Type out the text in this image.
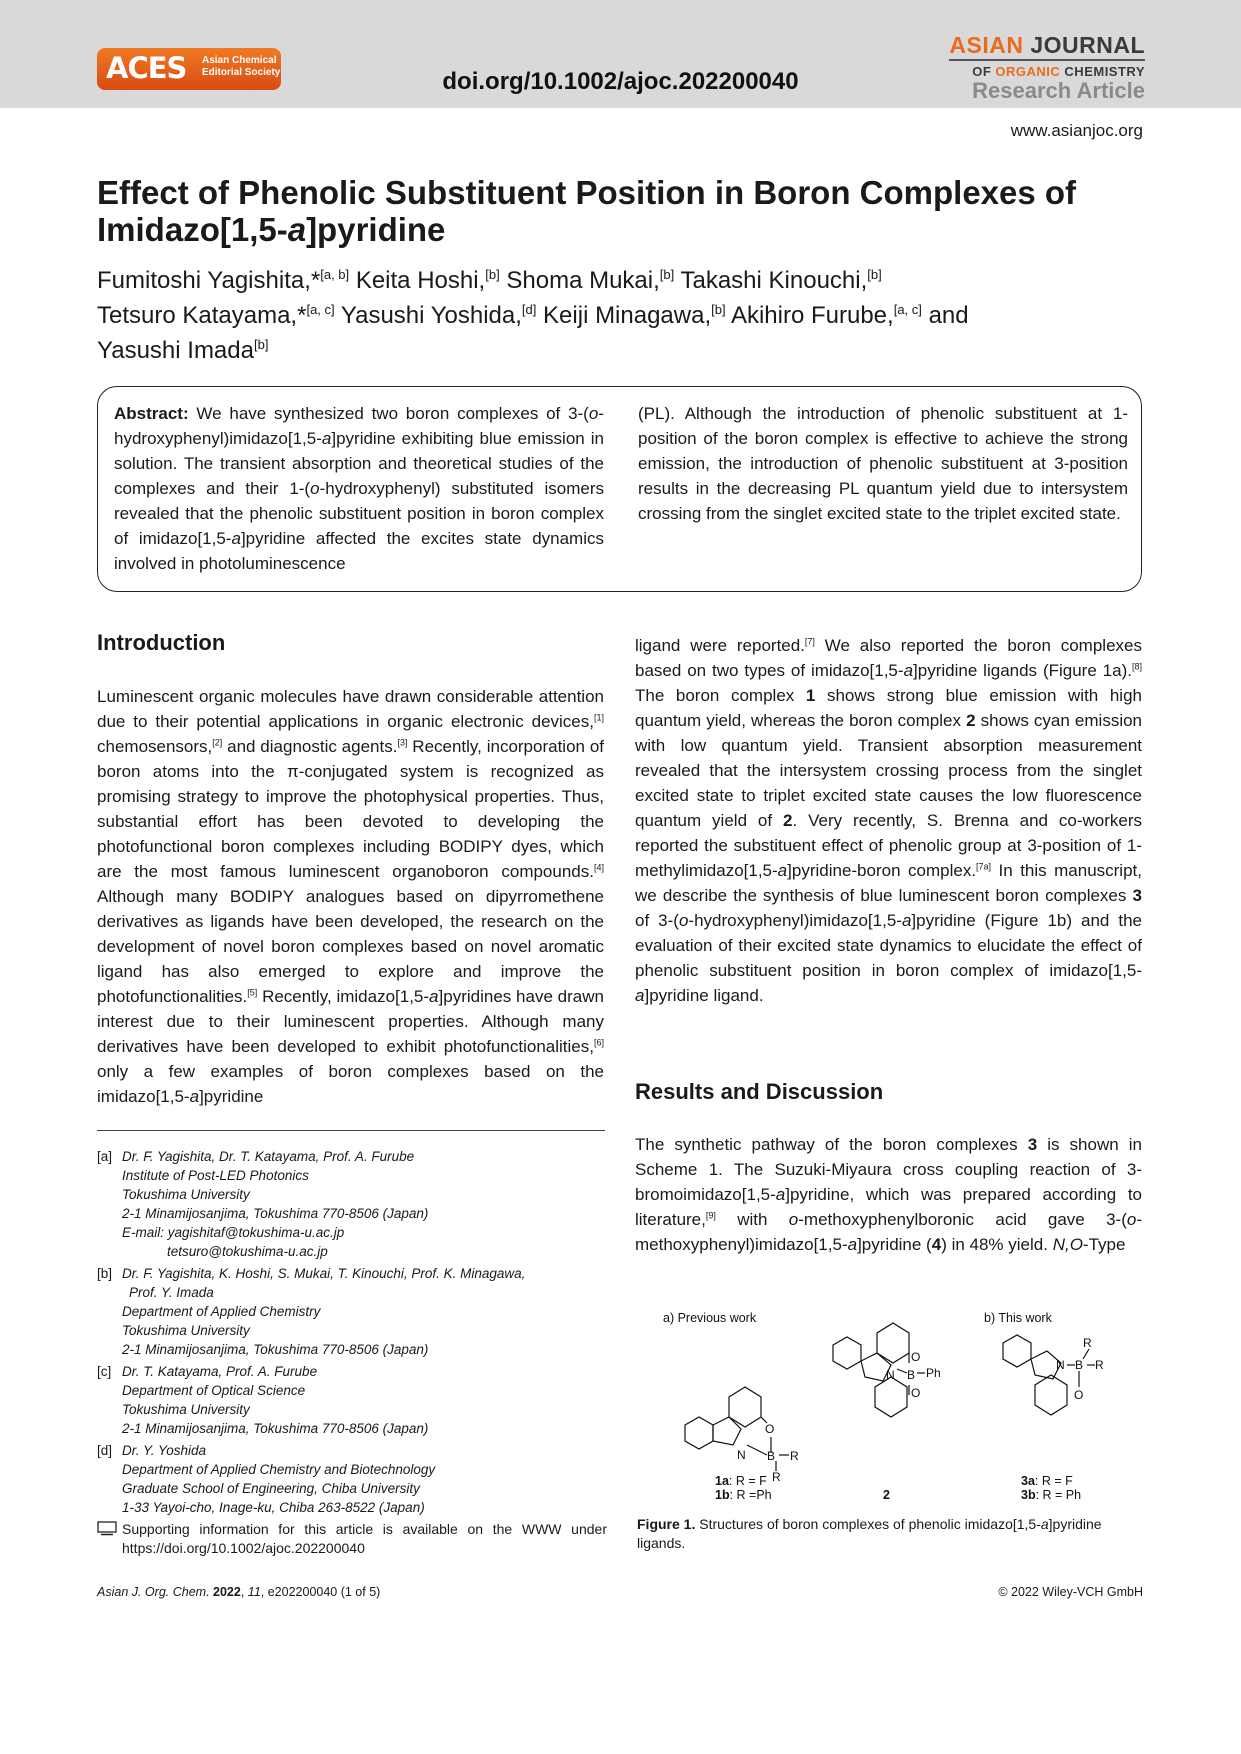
ACES Asian Chemical
Editorial Society	doi.org/10.1002/ajoc.202200040
ASIAN JOURNAL
OF ORGANIC CHEMISTRY
Research Article
www.asianjoc.org
Effect of Phenolic Substituent Position in Boron Complexes of
Imidazo[1,5-a]pyridine
Fumitoshi Yagishita,*[a, b] Keita Hoshi,[b] Shoma Mukai,[b] Takashi Kinouchi,[b]
Tetsuro Katayama,*[a, c] Yasushi Yoshida,[d] Keiji Minagawa,[b] Akihiro Furube,[a, c] and
Yasushi Imada[b]
Abstract: We have synthesized two boron complexes of 3-(o-hydroxyphenyl)imidazo[1,5-a]pyridine exhibiting blue emission in solution. The transient absorption and theoretical studies of the complexes and their 1-(o-hydroxyphenyl) substituted isomers revealed that the phenolic substituent position in boron complex of imidazo[1,5-a]pyridine affected the excites state dynamics involved in photoluminescence
(PL). Although the introduction of phenolic substituent at 1-position of the boron complex is effective to achieve the strong emission, the introduction of phenolic substituent at 3-position results in the decreasing PL quantum yield due to intersystem crossing from the singlet excited state to the triplet excited state.
Introduction
Luminescent organic molecules have drawn considerable attention due to their potential applications in organic electronic devices,[1] chemosensors,[2] and diagnostic agents.[3] Recently, incorporation of boron atoms into the π-conjugated system is recognized as promising strategy to improve the photophysical properties. Thus, substantial effort has been devoted to developing the photofunctional boron complexes including BODIPY dyes, which are the most famous luminescent organoboron compounds.[4] Although many BODIPY analogues based on dipyrromethene derivatives as ligands have been developed, the research on the development of novel boron complexes based on novel aromatic ligand has also emerged to explore and improve the photofunctionalities.[5] Recently, imidazo[1,5-a]pyridines have drawn interest due to their luminescent properties. Although many derivatives have been developed to exhibit photofunctionalities,[6] only a few examples of boron complexes based on the imidazo[1,5-a]pyridine
ligand were reported.[7] We also reported the boron complexes based on two types of imidazo[1,5-a]pyridine ligands (Figure 1a).[8] The boron complex 1 shows strong blue emission with high quantum yield, whereas the boron complex 2 shows cyan emission with low quantum yield. Transient absorption measurement revealed that the intersystem crossing process from the singlet excited state to triplet excited state causes the low fluorescence quantum yield of 2. Very recently, S. Brenna and co-workers reported the substituent effect of phenolic group at 3-position of 1-methylimidazo[1,5-a]pyridine-boron complex.[7a] In this manuscript, we describe the synthesis of blue luminescent boron complexes 3 of 3-(o-hydroxyphenyl)imidazo[1,5-a]pyridine (Figure 1b) and the evaluation of their excited state dynamics to elucidate the effect of phenolic substituent position in boron complex of imidazo[1,5-a]pyridine ligand.
Results and Discussion
The synthetic pathway of the boron complexes 3 is shown in Scheme 1. The Suzuki-Miyaura cross coupling reaction of 3-bromoimidazo[1,5-a]pyridine, which was prepared according to literature,[9] with o-methoxyphenylboronic acid gave 3-(o-methoxyphenyl)imidazo[1,5-a]pyridine (4) in 48% yield. N,O-Type
[a] Dr. F. Yagishita, Dr. T. Katayama, Prof. A. Furube
Institute of Post-LED Photonics
Tokushima University
2-1 Minamijosanjima, Tokushima 770-8506 (Japan)
E-mail: yagishitaf@tokushima-u.ac.jp
tetsuro@tokushima-u.ac.jp
[b] Dr. F. Yagishita, K. Hoshi, S. Mukai, T. Kinouchi, Prof. K. Minagawa,
Prof. Y. Imada
Department of Applied Chemistry
Tokushima University
2-1 Minamijosanjima, Tokushima 770-8506 (Japan)
[c] Dr. T. Katayama, Prof. A. Furube
Department of Optical Science
Tokushima University
2-1 Minamijosanjima, Tokushima 770-8506 (Japan)
[d] Dr. Y. Yoshida
Department of Applied Chemistry and Biotechnology
Graduate School of Engineering, Chiba University
1-33 Yayoi-cho, Inage-ku, Chiba 263-8522 (Japan)
Supporting information for this article is available on the WWW under https://doi.org/10.1002/ajoc.202200040
a) Previous work	b) This work
N B
O
R
R
N B
O
O
Ph
N B
R
R
O
1a: R = F
1b: R =Ph	2
3a: R = F
3b: R = Ph
Figure 1. Structures of boron complexes of phenolic imidazo[1,5-a]pyridine ligands.
Asian J. Org. Chem. 2022, 11, e202200040 (1 of 5)	© 2022 Wiley-VCH GmbH
